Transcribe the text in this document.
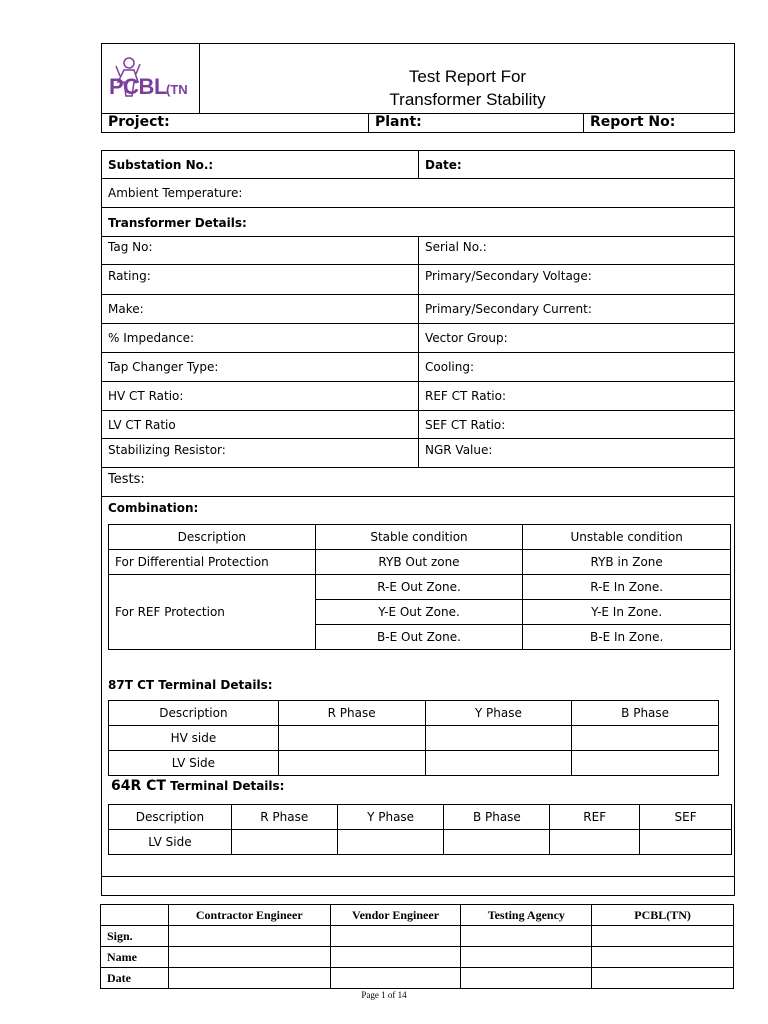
PCBL (TN
Test Report For
Transformer Stability
Project:	Plant:	Report No:
Substation No.:	Date:
Ambient Temperature:
Transformer Details:
Tag No:	Serial No.:
Rating:	Primary/Secondary Voltage:
Make:	Primary/Secondary Current:
% Impedance:	Vector Group:
Tap Changer Type:	Cooling:
HV CT Ratio:	REF CT Ratio:
LV CT Ratio	SEF CT Ratio:
Stabilizing Resistor:	NGR Value:
Tests:
Combination:
Description	Stable condition	Unstable condition
For Differential Protection	RYB Out zone	RYB in Zone
For REF Protection	R-E Out Zone.	R-E In Zone.
	Y-E Out Zone.	Y-E In Zone.
	B-E Out Zone.	B-E In Zone.
87T CT Terminal Details:
Description	R Phase	Y Phase	B Phase
HV side			
LV Side			
64R CT Terminal Details:
Description	R Phase	Y Phase	B Phase	REF	SEF
LV Side					
	Contractor Engineer	Vendor Engineer	Testing Agency	PCBL(TN)
Sign.				
Name				
Date				
Page 1 of 14
